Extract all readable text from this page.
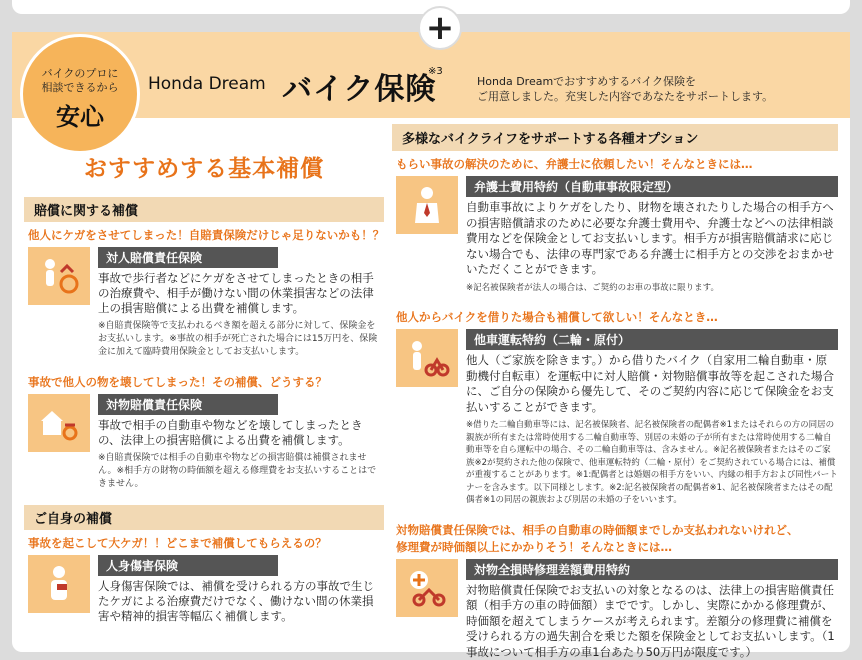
+
バイクのプロに
相談できるから
安心
Honda Dream バイク保険
※3
Honda Dreamでおすすめするバイク保険を
ご用意しました。充実した内容であなたをサポートします。
おすすめする基本補償
賠償に関する補償
他人にケガをさせてしまった！自賠責保険だけじゃ足りないかも！？
対人賠償責任保険
事故で歩行者などにケガをさせてしまったときの相手の治療費や、相手が働けない間の休業損害などの法律上の損害賠償による出費を補償します。
※自賠責保険等で支払われるべき額を超える部分に対して、保険金をお支払いします。※事故の相手が死亡された場合には15万円を、保険金に加えて臨時費用保険金としてお支払いします。
事故で他人の物を壊してしまった！その補償、どうする？
対物賠償責任保険
事故で相手の自動車や物などを壊してしまったときの、法律上の損害賠償による出費を補償します。
※自賠責保険では相手の自動車や物などの損害賠償は補償されません。※相手方の財物の時価額を超える修理費をお支払いすることはできません。
ご自身の補償
事故を起こして大ケガ！！どこまで補償してもらえるの？
人身傷害保険
人身傷害保険では、補償を受けられる方の事故で生じたケガによる治療費だけでなく、働けない間の休業損害や精神的損害等幅広く補償します。
多様なバイクライフをサポートする各種オプション
もらい事故の解決のために、弁護士に依頼したい！そんなときには…
弁護士費用特約（自動車事故限定型）
自動車事故によりケガをしたり、財物を壊されたりした場合の相手方への損害賠償請求のために必要な弁護士費用や、弁護士などへの法律相談費用などを保険金としてお支払いします。相手方が損害賠償請求に応じない場合でも、法律の専門家である弁護士に相手方との交渉をおまかせいただくことができます。
※記名被保険者が法人の場合は、ご契約のお車の事故に限ります。
他人からバイクを借りた場合も補償して欲しい！そんなとき…
他車運転特約（二輪・原付）
他人（ご家族を除きます。）から借りたバイク（自家用二輪自動車・原動機付自転車）を運転中に対人賠償・対物賠償事故等を起こされた場合に、ご自分の保険から優先して、そのご契約内容に応じて保険金をお支払いすることができます。
※借りた二輪自動車等には、記名被保険者、記名被保険者の配偶者※1またはそれらの方の同居の親族が所有または常時使用する二輪自動車等、別居の未婚の子が所有または常時使用する二輪自動車等を自ら運転中の場合、その二輪自動車等は、含みません。※記名被保険者またはそのご家族※2が契約された他の保険で、他車運転特約（二輪・原付）をご契約されている場合には、補償が重複することがあります。※1:配偶者とは婚姻の相手方をいい、内縁の相手方および同性パートナーを含みます。以下同様とします。※2:記名被保険者の配偶者※1、記名被保険者またはその配偶者※1の同居の親族および別居の未婚の子をいいます。
対物賠償責任保険では、相手の自動車の時価額までしか支払われないけれど、
修理費が時価額以上にかかりそう！そんなときには…
対物全損時修理差額費用特約
対物賠償責任保険でお支払いの対象となるのは、法律上の損害賠償責任額（相手方の車の時価額）までです。しかし、実際にかかる修理費が、時価額を超えてしまうケースが考えられます。差額分の修理費に補償を受けられる方の過失割合を乗じた額を保険金としてお支払いします。（1事故について相手方の車1台あたり50万円が限度です。）
